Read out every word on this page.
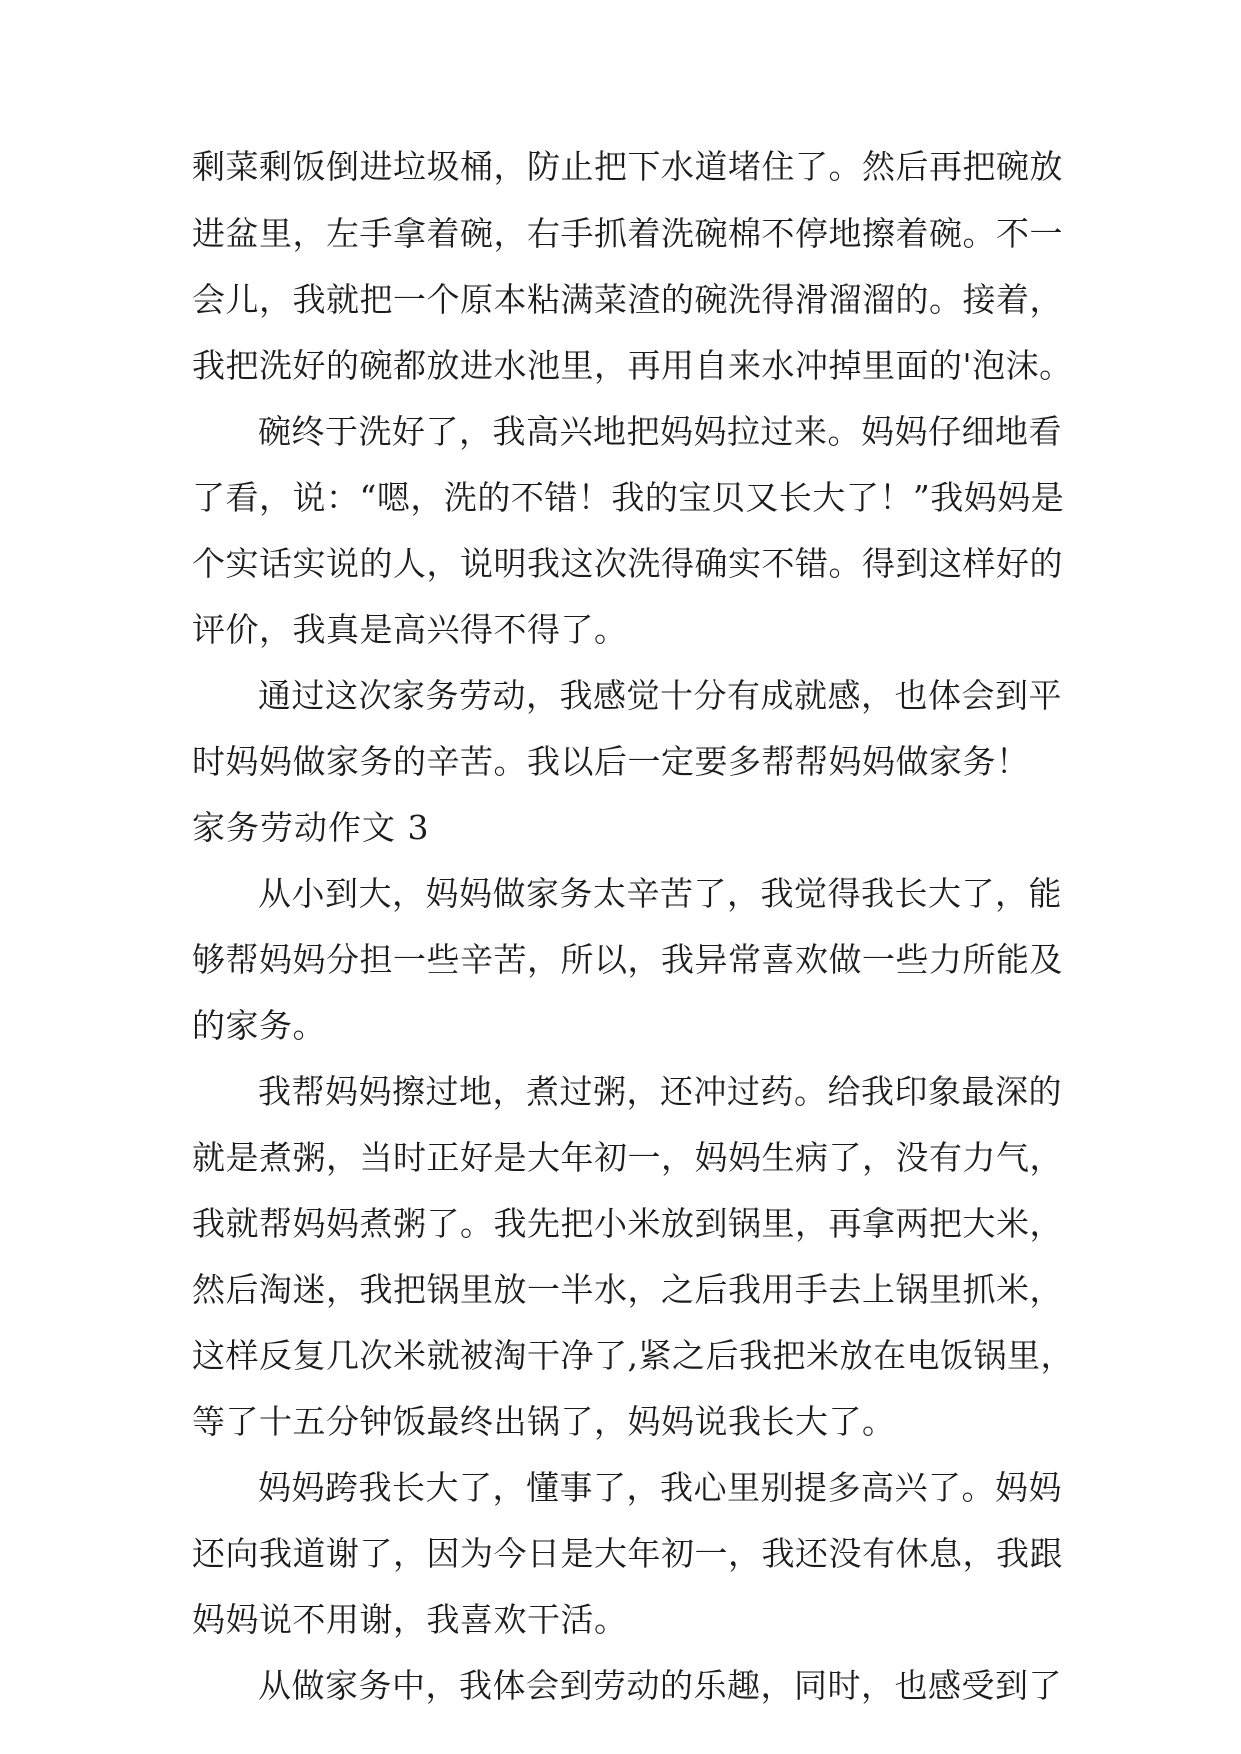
剩菜剩饭倒进垃圾桶，防止把下水道堵住了。然后再把碗放
进盆里，左手拿着碗，右手抓着洗碗棉不停地擦着碗。不一
会儿，我就把一个原本粘满菜渣的碗洗得滑溜溜的。接着，
我把洗好的碗都放进水池里，再用自来水冲掉里面的'泡沫。
碗终于洗好了，我高兴地把妈妈拉过来。妈妈仔细地看
了看，说：“嗯，洗的不错！我的宝贝又长大了！”我妈妈是
个实话实说的人，说明我这次洗得确实不错。得到这样好的
评价，我真是高兴得不得了。
通过这次家务劳动，我感觉十分有成就感，也体会到平
时妈妈做家务的辛苦。我以后一定要多帮帮妈妈做家务！
家务劳动作文 3
从小到大，妈妈做家务太辛苦了，我觉得我长大了，能
够帮妈妈分担一些辛苦，所以，我异常喜欢做一些力所能及
的家务。
我帮妈妈擦过地，煮过粥，还冲过药。给我印象最深的
就是煮粥，当时正好是大年初一，妈妈生病了，没有力气，
我就帮妈妈煮粥了。我先把小米放到锅里，再拿两把大米，
然后淘迷，我把锅里放一半水，之后我用手去上锅里抓米，
这样反复几次米就被淘干净了,紧之后我把米放在电饭锅里，
等了十五分钟饭最终出锅了，妈妈说我长大了。
妈妈跨我长大了，懂事了，我心里别提多高兴了。妈妈
还向我道谢了，因为今日是大年初一，我还没有休息，我跟
妈妈说不用谢，我喜欢干活。
从做家务中，我体会到劳动的乐趣，同时，也感受到了
